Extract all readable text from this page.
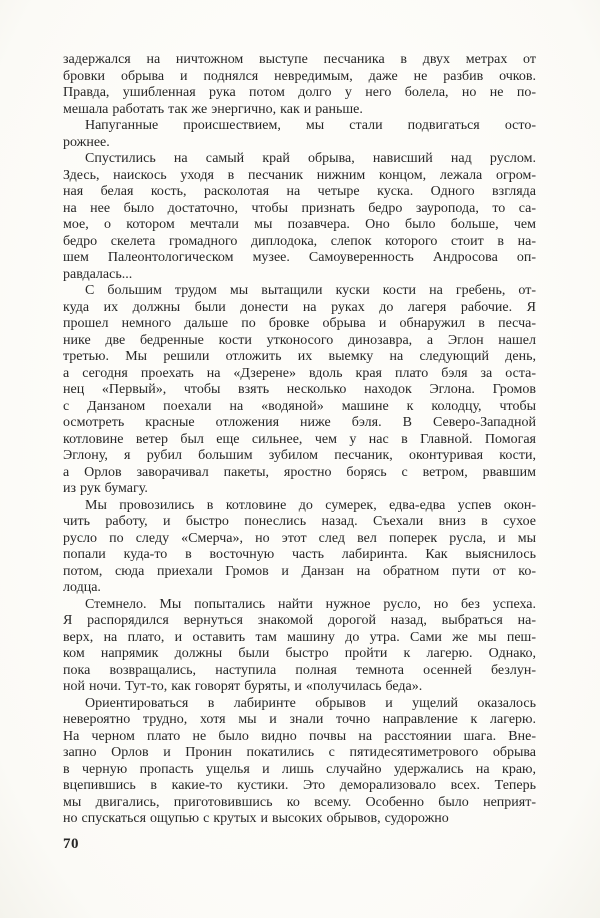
задержался на ничтожном выступе песчаника в двух метрах от
бровки обрыва и поднялся невредимым, даже не разбив очков.
Правда, ушибленная рука потом долго у него болела, но не по-
мешала работать так же энергично, как и раньше.
Напуганные происшествием, мы стали подвигаться осто-
рожнее.
Спустились на самый край обрыва, нависший над руслом.
Здесь, наискось уходя в песчаник нижним концом, лежала огром-
ная белая кость, расколотая на четыре куска. Одного взгляда
на нее было достаточно, чтобы признать бедро зауропода, то са-
мое, о котором мечтали мы позавчера. Оно было больше, чем
бедро скелета громадного диплодока, слепок которого стоит в на-
шем Палеонтологическом музее. Самоуверенность Андросова оп-
равдалась...
С большим трудом мы вытащили куски кости на гребень, от-
куда их должны были донести на руках до лагеря рабочие. Я
прошел немного дальше по бровке обрыва и обнаружил в песча-
нике две бедренные кости утконосого динозавра, а Эглон нашел
третью. Мы решили отложить их выемку на следующий день,
а сегодня проехать на «Дзерене» вдоль края плато бэля за оста-
нец «Первый», чтобы взять несколько находок Эглона. Громов
с Данзаном поехали на «водяной» машине к колодцу, чтобы
осмотреть красные отложения ниже бэля. В Северо-Западной
котловине ветер был еще сильнее, чем у нас в Главной. Помогая
Эглону, я рубил большим зубилом песчаник, оконтуривая кости,
а Орлов заворачивал пакеты, яростно борясь с ветром, рвавшим
из рук бумагу.
Мы провозились в котловине до сумерек, едва-едва успев окон-
чить работу, и быстро понеслись назад. Съехали вниз в сухое
русло по следу «Смерча», но этот след вел поперек русла, и мы
попали куда-то в восточную часть лабиринта. Как выяснилось
потом, сюда приехали Громов и Данзан на обратном пути от ко-
лодца.
Стемнело. Мы попытались найти нужное русло, но без успеха.
Я распорядился вернуться знакомой дорогой назад, выбраться на-
верх, на плато, и оставить там машину до утра. Сами же мы пеш-
ком напрямик должны были быстро пройти к лагерю. Однако,
пока возвращались, наступила полная темнота осенней безлун-
ной ночи. Тут-то, как говорят буряты, и «получилась беда».
Ориентироваться в лабиринте обрывов и ущелий оказалось
невероятно трудно, хотя мы и знали точно направление к лагерю.
На черном плато не было видно почвы на расстоянии шага. Вне-
запно Орлов и Пронин покатились с пятидесятиметрового обрыва
в черную пропасть ущелья и лишь случайно удержались на краю,
вцепившись в какие-то кустики. Это деморализовало всех. Теперь
мы двигались, приготовившись ко всему. Особенно было неприят-
но спускаться ощупью с крутых и высоких обрывов, судорожно
70
